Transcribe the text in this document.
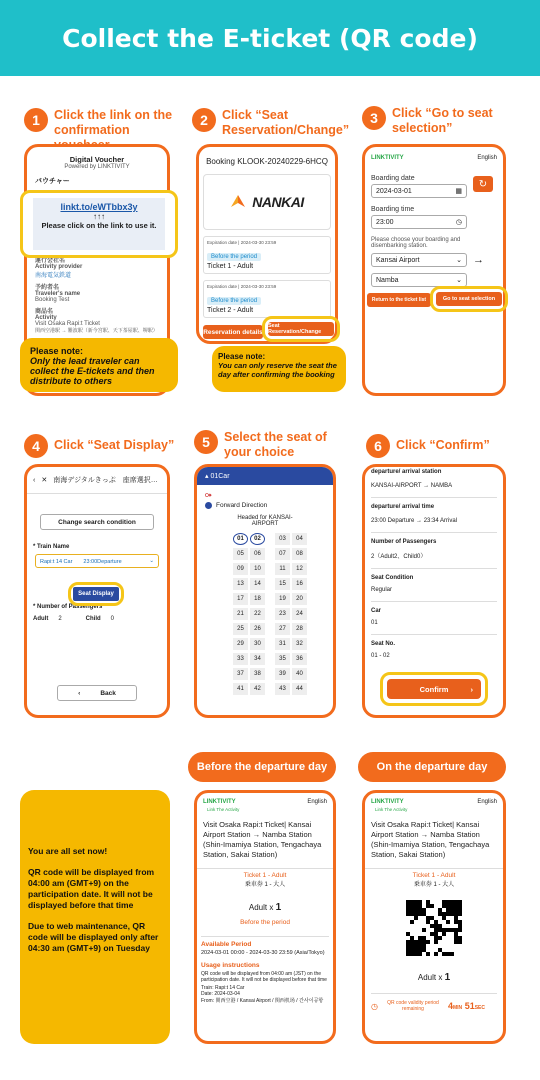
Collect the E-ticket (QR code)
1	Click the link on the confirmation
2	Click “Seat Reservation/Change”
3	Click “Go to seat selection”
Digital Voucher
Powered by LINKTIVITY
バウチャー
運行会社名
Activity provider
南海電気鉄道
予約者名
Traveler's name
Booking Test
商品名
Activity
Visit Osaka Rapi:t Ticket
関西空港駅 → 難波駅（新今宮駅、天下茶屋駅、堺駅）
linkt.to/eWTbbx3y
↑↑↑
Please click on the link to use it.
Please note:
Only the lead traveler can collect the E-tickets and then distribute to others
Booking KLOOK-20240229-6HCQ
NANKAI
Expiration date | 2024-03-30 23:59
Before the period
Ticket 1 - Adult
Expiration date | 2024-03-30 23:59
Before the period
Ticket 2 - Adult
Reservation details
Seat Reservation/Change
Please note:
You can only reserve the seat the day after confirming the booking
LINKTIVITY	English
Boarding date
2024-03-01	▦
↻
Boarding time
23:00	◷
Please choose your boarding and disembarking station.
Kansai Airport	⌄ →
Namba	⌄
Return to the ticket list	Go to seat selection
4	Click “Seat Display”	5	Select the seat of your choice	6	Click “Confirm”
‹ ✕ 南海デジタルきっぷ　座席選択…
Change search condition
* Train Name
Rapi:t 14 Car　　23:00Departure	⌄
* Number of Passengers
Adult 2	Child 0
‹	Back
Seat Display
▴ 01Car
⚩
Forward Direction
Headed for KANSAI-AIRPORT
01	02	03	04
05	06	07	08
09	10	11	12
13	14	15	16
17	18	19	20
21	22	23	24
25	26	27	28
29	30	31	32
33	34	35	36
37	38	39	40
41	42	43	44
departure/ arrival station
KANSAI-AIRPORT → NAMBA
departure/ arrival time
23:00 Departure → 23:34 Arrival
Number of Passengers
2（Adult2、Child0）
Seat Condition
Regular
Car
01
Seat No.
01 - 02
Confirm	›
Before the departure day	On the departure day
You are all set now!
QR code will be displayed from 04:00 am (GMT+9) on the participation date. It will not be displayed before that time
Due to web maintenance, QR code will be displayed only after 04:30 am (GMT+9) on Tuesday
LINKTIVITY	English
Link The Activity
Visit Osaka Rapi:t Ticket| Kansai Airport Station → Namba Station (Shin-Imamiya Station, Tengachaya Station, Sakai Station)
Ticket 1 - Adult
乗車券 1 - 大人
Adult x 1
Before the period
Available Period
2024-03-01 00:00 - 2024-03-30 23:59 (Asia/Tokyo)
Usage instructions
QR code will be displayed from 04:00 am (JST) on the participation date. It will not be displayed before that time
Train: Rapi:t 14 Car
Date: 2024-03-04
From: 関西空港 / Kansai Airport / 関西机场 / 간사이공항
LINKTIVITY	English
Link The Activity
Visit Osaka Rapi:t Ticket| Kansai Airport Station → Namba Station (Shin-Imamiya Station, Tengachaya Station, Sakai Station)
Ticket 1 - Adult
乗車券 1 - 大人
Adult x 1
◷	QR code validity period remaining	4MIN 51SEC
